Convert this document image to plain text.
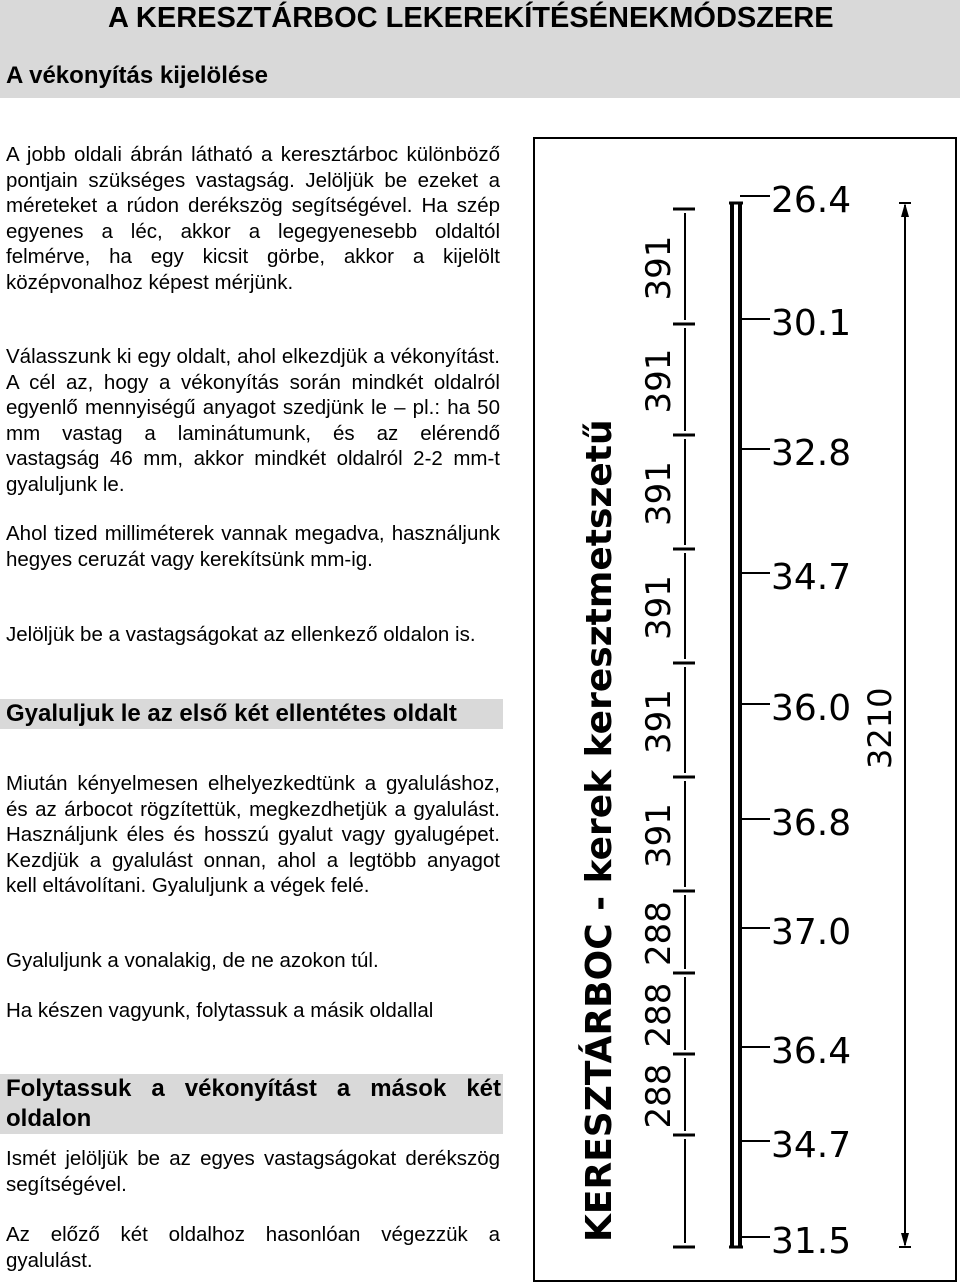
A KERESZTÁRBOC LEKEREKÍTÉSÉNEKMÓDSZERE
A vékonyítás kijelölése

A jobb oldali ábrán látható a keresztárboc különböző pontjain szükséges vastagság. Jelöljük be ezeket a méreteket a rúdon derékszög segítségével. Ha szép egyenes a léc, akkor a legegyenesebb oldaltól felmérve, ha egy kicsit görbe, akkor a kijelölt középvonalhoz képest mérjünk.

Válasszunk ki egy oldalt, ahol elkezdjük a vékonyítást. A cél az, hogy a vékonyítás során mindkét oldalról egyenlő mennyiségű anyagot szedjünk le – pl.: ha 50 mm vastag a laminátumunk, és az elérendő vastagság 46 mm, akkor mindkét oldalról 2-2 mm-t gyaluljunk le.

Ahol tized milliméterek vannak megadva, használjunk hegyes ceruzát vagy kerekítsünk mm-ig.

Jelöljük be a vastagságokat az ellenkező oldalon is.

Gyaluljuk le az első két ellentétes oldalt

Miután kényelmesen elhelyezkedtünk a gyaluláshoz, és az árbocot rögzítettük, megkezdhetjük a gyalulást. Használjunk éles és hosszú gyalut vagy gyalugépet. Kezdjük a gyalulást onnan, ahol a legtöbb anyagot kell eltávolítani. Gyaluljunk a végek felé.

Gyaluljunk a vonalakig, de ne azokon túl.

Ha készen vagyunk, folytassuk a másik oldallal

Folytassuk a vékonyítást a mások két oldalon

Ismét jelöljük be az egyes vastagságokat derékszög segítségével.

Az előző két oldalhoz hasonlóan végezzük a gyalulást.

KERESZTÁRBOC - kerek keresztmetszetű	3210
26.4
30.1
32.8
34.7
36.0
36.8
37.0
36.4
34.7
31.5
391
391
391
391
391
391
288
288
288
